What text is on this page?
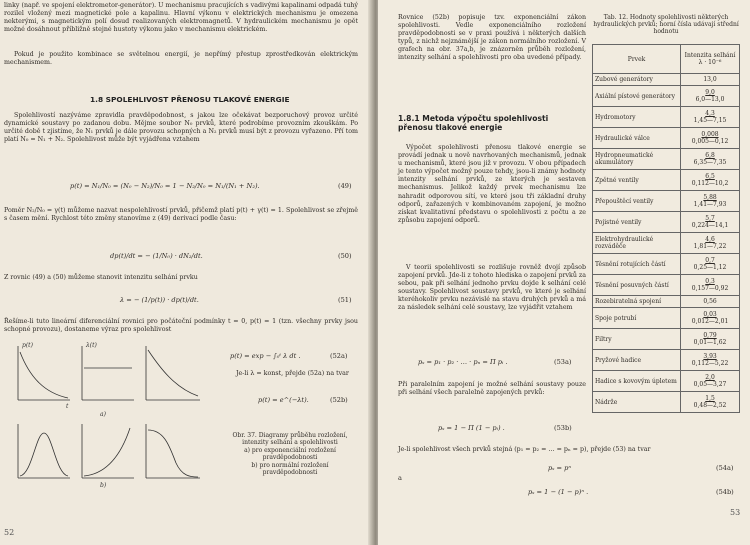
linky (např. ve spojení elektrometor-generátor). U mechanismu pracujících s vadivými kapalinami odpadá tuhý rozilel vložený mezi magnetické pole a kapalinu. Hlavní výkonu v elektrických mechanismu je omezena nekterými, s magnetickým polí dosud realizovaných elektromagnetů. V hydraulickém mechanismu je opět možné dosáhnout příbližně stejné hustoty výkonu jako v mechanismu elektrickém.
Pokud je použito kombinace se světelnou energií, je nepřímý přestup zprostředkován elektrickým mechanismem.
1.8 SPOLEHLIVOST PŘENOSU TLAKOVÉ ENERGIE
Spolehlivostí nazýváme zpravidla pravděpodobnost, s jakou lze očekávat bezporuchový provoz určité dynamické soustavy po zadanou dobu. Mějme soubor N₀ prvků, které podrobíme provozním zkouškám. Po určité době t zjistíme, že N₁ prvků je dále provozu schopných a N₂ prvků musí být z provozu vyřazeno. Pří tom platí N₀ = N₁ + N₂. Spolehlivost může být vyjádřena vztahem
p(t) = N₁/N₀ = (N₀ − N₂)/N₀ = 1 − N₂/N₀ = N₁/(N₁ + N₂).	(49)
Poměr N₂/N₀ = γ(t) můžeme nazvat nespolehlivostí prvků, přičemž platí p(t) + γ(t) = 1. Spolehlivost se zřejmě s časem mění. Rychlost této změny stanovíme z (49) derivací podle času:
dp(t)/dt = − (1/N₀) · dN₂/dt.	(50)
Z rovnic (49) a (50) můžeme stanovit intenzitu selhání prvku
λ = − (1/p(t)) · dp(t)/dt.	(51)
Řešíme-li tuto lineární diferenciální rovnici pro počáteční podmínky t = 0, p(t) = 1 (tzn. všechny prvky jsou schopné provozu), dostaneme výraz pro spolehlivost
p(t)	λ(t)
t
a)
b)
p(t) = exp − ∫₀ᵗ λ dt .	(52a)
Je-li λ = konst, přejde (52a) na tvar
p(t) = e^(−λt).	(52b)
Obr. 37. Diagramy průběhu rozložení, intenzity selhání a spolehlivosti
a) pro exponenciální rozložení pravděpodobnosti
b) pro normální rozložení pravděpodobnosti
52
Rovnice (52b) popisuje tzv. exponenciální zákon spolehlivosti. Vedle exponenciálního rozložení pravděpodobnosti se v praxi používá i některých dalších typů, z nichž nejznámější je zákon normálního rozložení. V grafech na obr. 37a,b, je znázorněn průběh rozložení, intenzity selhání a spolehlivosti pro oba uvedené případy.
1.8.1 Metoda výpočtu spolehlivosti přenosu tlakové energie
Výpočet spolehlivosti přenosu tlakové energie se provádí jednak u nově navrhovaných mechanismů, jednak u mechanismů, které jsou již v provozu. V obou případech je tento výpočet možný pouze tehdy, jsou-li známy hodnoty intenzity selhání prvků, ze kterých je sestaven mechanismus. Jelikož každý prvek mechanismu lze nahradit odporovou sítí, ve které jsou tři základní druhy odporů, zařazených v kombinovaném zapojení, je možno získat kvalitativní představu o spolehlivosti z počtu a ze způsobu zapojení odporů.
V teorii spolehlivosti se rozlišuje rovněž dvojí způsob zapojení prvků. Jde-li z tohoto hlediska o zapojení prvků za sebou, pak při selhání jednoho prvku dojde k selhání celé soustavy. Spolehlivost soustavy prvků, ve které je selhání kteréhokoliv prvku nezávislé na stavu druhých prvků a má za následek selhání celé soustavy, lze vyjádřit vztahem
pₛ = p₁ · p₂ · … · pₙ = Π pᵢ .	(53a)
Při paralelním zapojení je možné selhání soustavy pouze při selhání všech paralelně zapojených prvků:
pₛ = 1 − Π (1 − pᵢ) .	(53b)
Je-li spolehlivost všech prvků stejná (p₁ = p₂ = … = pₙ = p), přejde (53) na tvar
pₛ = pⁿ	(54a)
a
pₛ = 1 − (1 − p)ⁿ .	(54b)
53
Tab. 12. Hodnoty spolehlivosti některých hydraulických prvků; horní čísla udávají střední hodnotu
Prvek	Intenzita selhání λ · 10⁻⁶
Zubové generátory	13,0

Axiální pístové generátory	9,0
6,0—13,0

Hydromotory	4,3
1,45—7,15

Hydraulické válce	0,008
0,005—0,12

Hydropneumatické akumulátory	6,8
6,35—7,35

Zpětné ventily	6,5
0,112—10,2

Přepouštěcí ventily	5,88
1,41—7,93

Pojistné ventily	5,7
0,224—14,1

Elektrohydraulické rozváděče	4,6
1,81—7,22

Těsnění rotujících částí	0,7
0,25—1,12

Těsnění posuvných částí	0,3
0,157—0,92

Rozebiratelná spojení	0,56

Spoje potrubí	0,03
0,012—2,01

Filtry	0,79
0,01—1,62

Pryžové hadice	3,93
0,112—5,22

Hadice s kovovým úpletem	2,0
0,05—3,27

Nádrže	1,5
0,48—2,52
